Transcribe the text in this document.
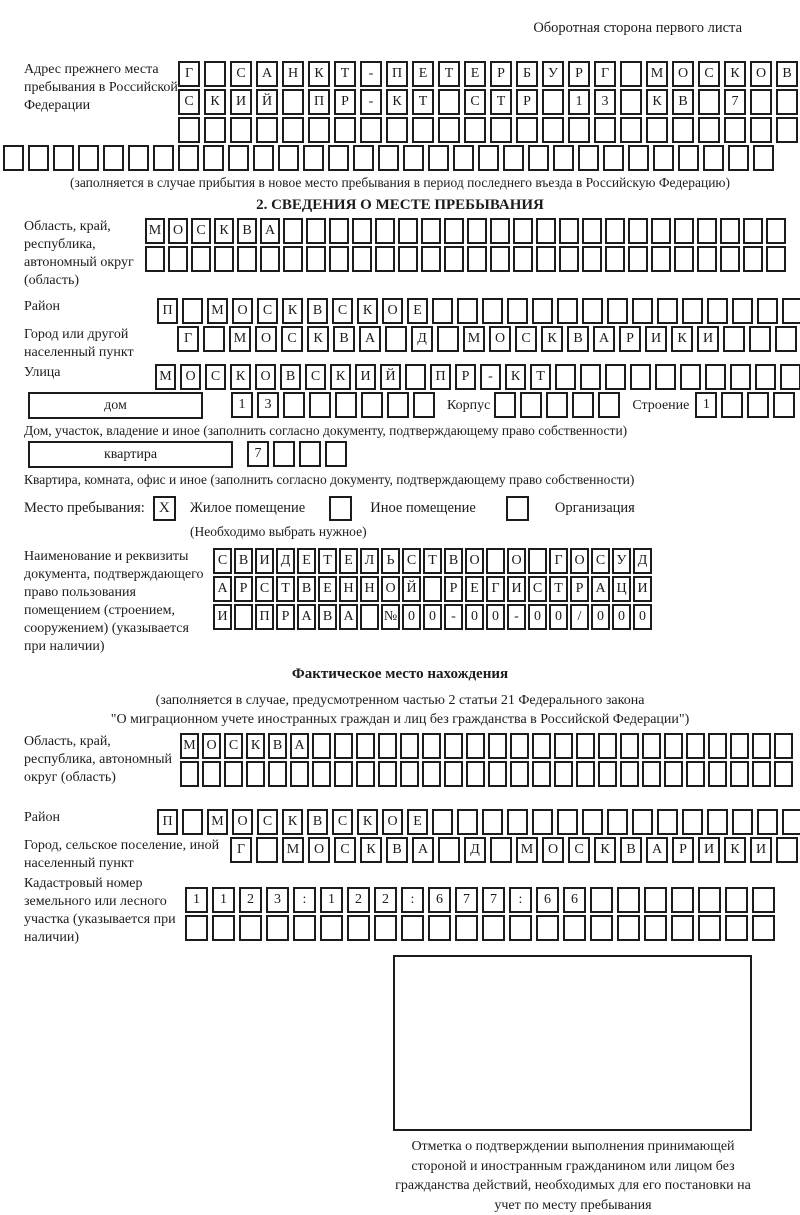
Оборотная сторона первого листа
Адрес прежнего места пребывания в Российской Федерации
Г	С	А	Н	К	Т	-	П	Е	Т	Е	Р	Б	У	Р	Г	М	О	С	К	О	В
С	К	И	Й	П	Р	-	К	Т	С	Т	Р	1	3	К	В	7
(заполняется в случае прибытия в новое место пребывания в период последнего въезда в Российскую Федерацию)
2. СВЕДЕНИЯ О МЕСТЕ ПРЕБЫВАНИЯ
Область, край, республика, автономный округ (область)
М О С К В А
Район	П	М О	С	К	В	С	К	О	Е
Город или другой населенный пункт
Г	М	О	С	К	В	А	Д	М	О	С	К	В	А	Р	И	К	И
Улица	М О	С	К	О	В	С	К	И	Й	П	Р	-	К	Т
дом	1	3	Корпус	Строение 1
Дом, участок, владение и иное (заполнить согласно документу, подтверждающему право собственности)
квартира	7
Квартира, комната, офис и иное (заполнить согласно документу, подтверждающему право собственности)
Место пребывания: X	Жилое помещение	Иное помещение	Организация
(Необходимо выбрать нужное)
Наименование и реквизиты документа, подтверждающего право пользования помещением (строением, сооружением) (указывается при наличии)
С В И Д Е Т Е Л Ь С Т В О	О	Г О С У Д
А Р С Т В Е Н Н О Й	Р Е Г И С Т Р А Ц И
И	П Р А В А	№ 0	0	-	0	0	-	0	0	/	0	0	0
Фактическое место нахождения
(заполняется в случае, предусмотренном частью 2 статьи 21 Федерального закона
"О миграционном учете иностранных граждан и лиц без гражданства в Российской Федерации")
Область, край, республика, автономный округ (область)
М О С К В А
Район	П	М О	С	К	В	С	К	О	Е
Город, сельское поселение, иной населенный пункт
Г	М	О	С	К	В	А	Д	М	О	С	К	В	А	Р	И	К	И
Кадастровый номер земельного или лесного участка (указывается при наличии)
1	1	2	3	:	1	2	2	:	6	7	7	:	6	6
Отметка о подтверждении выполнения принимающей стороной и иностранным гражданином или лицом без гражданства действий, необходимых для его постановки на учет по месту пребывания
